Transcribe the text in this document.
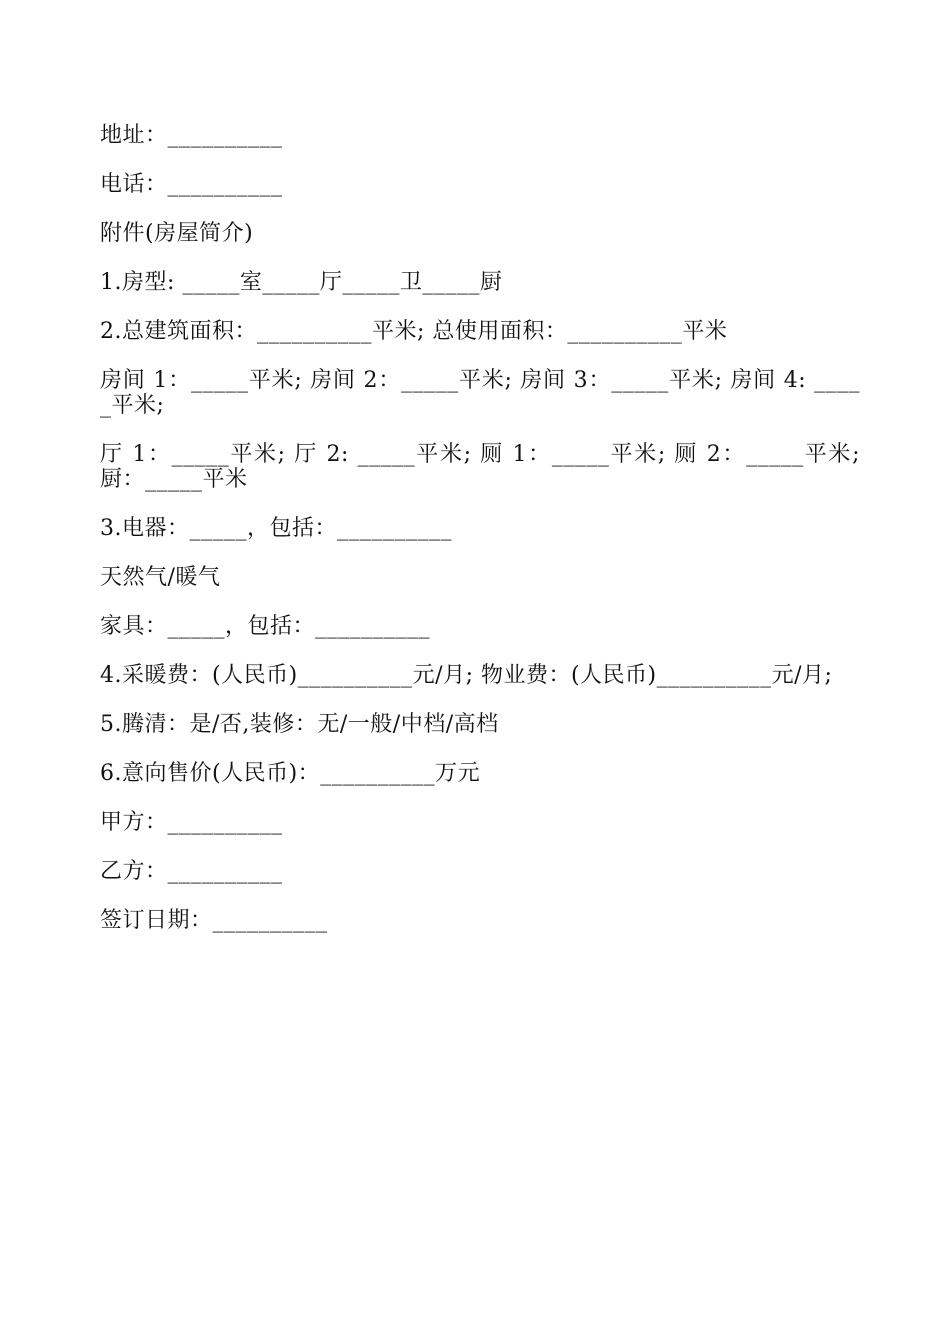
地址：__________
电话：__________
附件(房屋简介)
1.房型: _____室_____厅_____卫_____厨
2.总建筑面积：__________平米; 总使用面积：__________平米
房间 1：_____平米; 房间 2：_____平米; 房间 3：_____平米; 房间 4: _____平米;
厅 1：_____平米; 厅 2: _____平米; 厕 1：_____平米; 厕 2：_____平米;厨：_____平米
3.电器：_____，包括：__________
天然气/暖气
家具：_____，包括：__________
4.采暖费：(人民币)__________元/月; 物业费：(人民币)__________元/月;
5.腾清：是/否,装修：无/一般/中档/高档
6.意向售价(人民币)：__________万元
甲方：__________
乙方：__________
签订日期：__________
